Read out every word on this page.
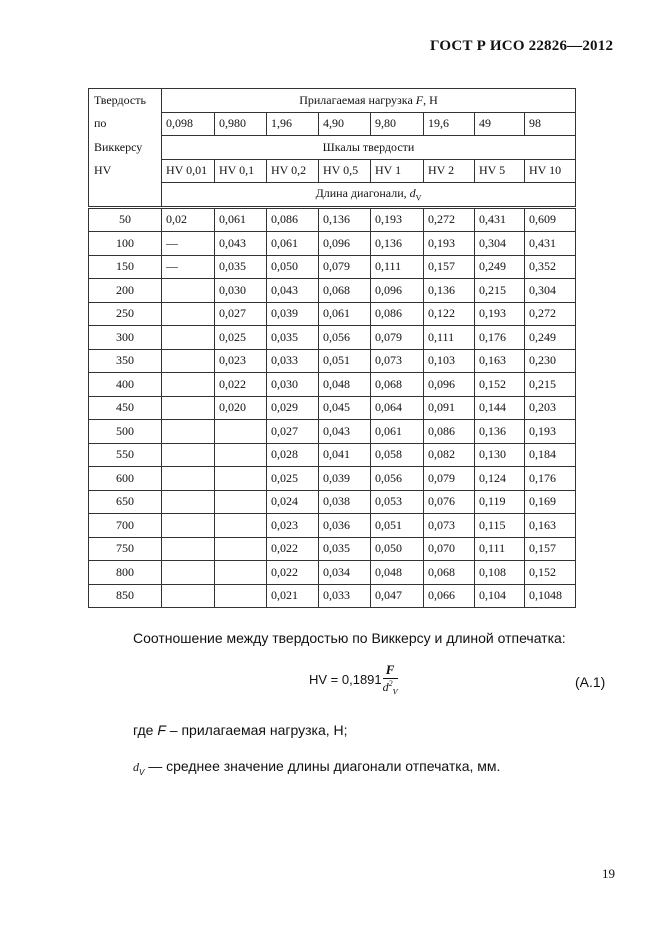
ГОСТ Р ИСО 22826—2012
Твердость	Прилагаемая нагрузка F, Н							
по	0,098	0,980	1,96	4,90	9,80	19,6	49	98
Виккерсу	Шкалы твердости							
HV	HV 0,01	HV 0,1	HV 0,2	HV 0,5	HV 1	HV 2	HV 5	HV 10
	Длина диагонали, $d_V$
50	0,02	0,061	0,086	0,136	0,193	0,272	0,431	0,609
100	—	0,043	0,061	0,096	0,136	0,193	0,304	0,431
150	—	0,035	0,050	0,079	0,111	0,157	0,249	0,352
200		0,030	0,043	0,068	0,096	0,136	0,215	0,304
250		0,027	0,039	0,061	0,086	0,122	0,193	0,272
300		0,025	0,035	0,056	0,079	0,111	0,176	0,249
350		0,023	0,033	0,051	0,073	0,103	0,163	0,230
400		0,022	0,030	0,048	0,068	0,096	0,152	0,215
450		0,020	0,029	0,045	0,064	0,091	0,144	0,203
500			0,027	0,043	0,061	0,086	0,136	0,193
550			0,028	0,041	0,058	0,082	0,130	0,184
600			0,025	0,039	0,056	0,079	0,124	0,176
650			0,024	0,038	0,053	0,076	0,119	0,169
700			0,023	0,036	0,051	0,073	0,115	0,163
750			0,022	0,035	0,050	0,070	0,111	0,157
800			0,022	0,034	0,048	0,068	0,108	0,152
850			0,021	0,033	0,047	0,066	0,104	0,1048
Соотношение между твердостью по Виккерсу и длиной отпечатка:
HV = $0,1891 \frac{F}{d^2_V}$	(А.1)
где F – прилагаемая нагрузка, Н;
$d_V$ — среднее значение длины диагонали отпечатка, мм.
19
